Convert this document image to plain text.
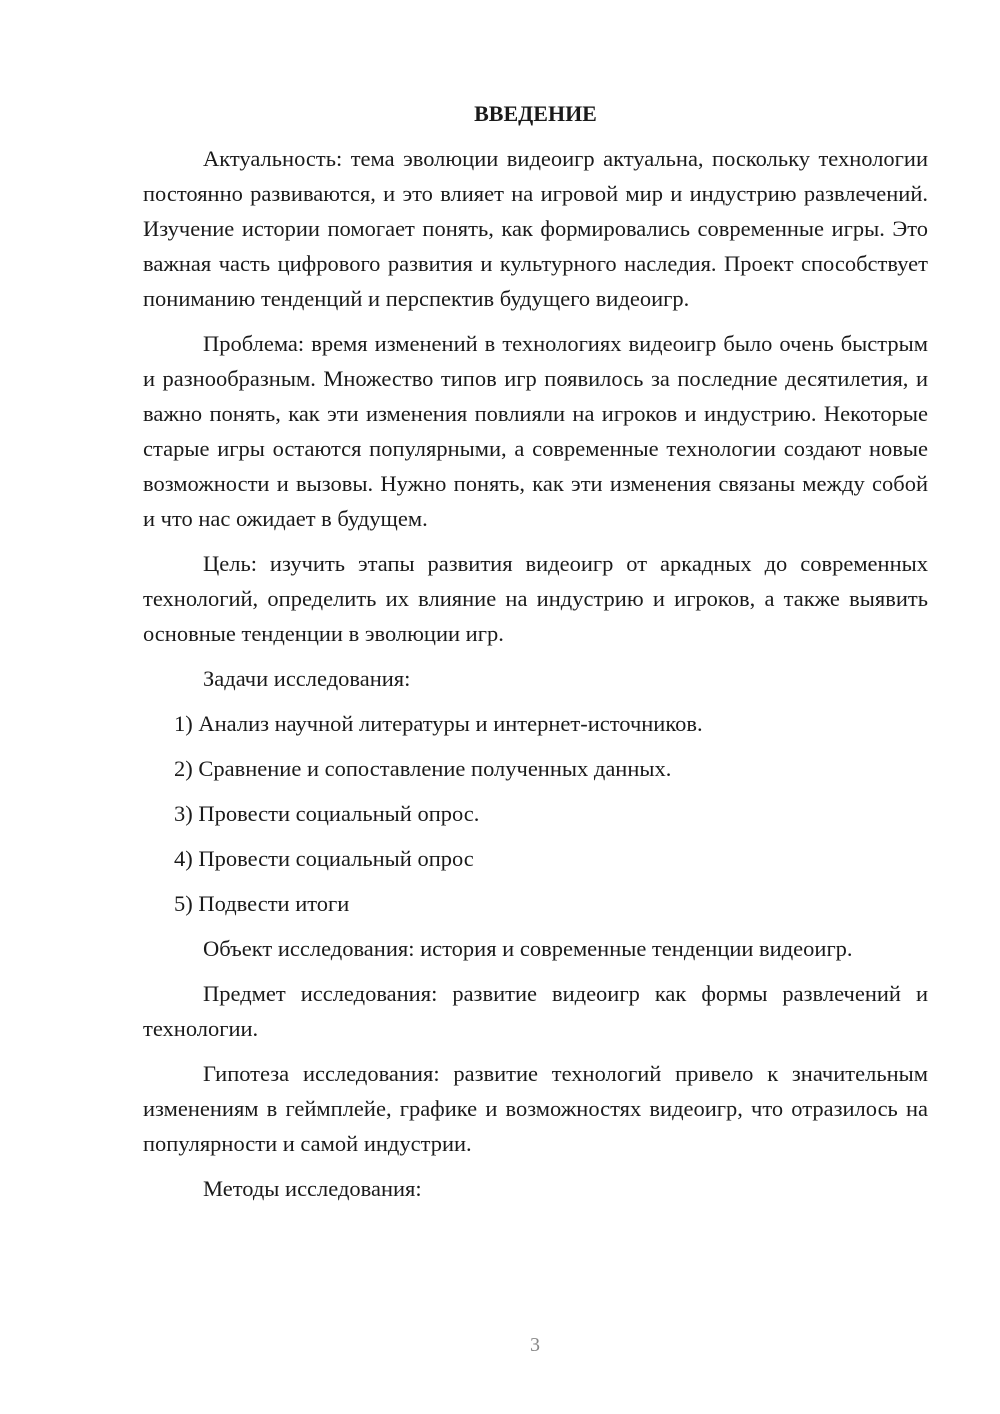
ВВЕДЕНИЕ

Актуальность: тема эволюции видеоигр актуальна, поскольку технологии постоянно развиваются, и это влияет на игровой мир и индустрию развлечений. Изучение истории помогает понять, как формировались современные игры. Это важная часть цифрового развития и культурного наследия. Проект способствует пониманию тенденций и перспектив будущего видеоигр.

Проблема: время изменений в технологиях видеоигр было очень быстрым и разнообразным. Множество типов игр появилось за последние десятилетия, и важно понять, как эти изменения повлияли на игроков и индустрию. Некоторые старые игры остаются популярными, а современные технологии создают новые возможности и вызовы. Нужно понять, как эти изменения связаны между собой и что нас ожидает в будущем.

Цель: изучить этапы развития видеоигр от аркадных до современных технологий, определить их влияние на индустрию и игроков, а также выявить основные тенденции в эволюции игр.

Задачи исследования:

1) Анализ научной литературы и интернет-источников.
2) Сравнение и сопоставление полученных данных.
3) Провести социальный опрос.
4) Провести социальный опрос
5) Подвести итоги

Объект исследования: история и современные тенденции видеоигр.

Предмет исследования: развитие видеоигр как формы развлечений и технологии.

Гипотеза исследования: развитие технологий привело к значительным изменениям в геймплейе, графике и возможностях видеоигр, что отразилось на популярности и самой индустрии.

Методы исследования:

3
